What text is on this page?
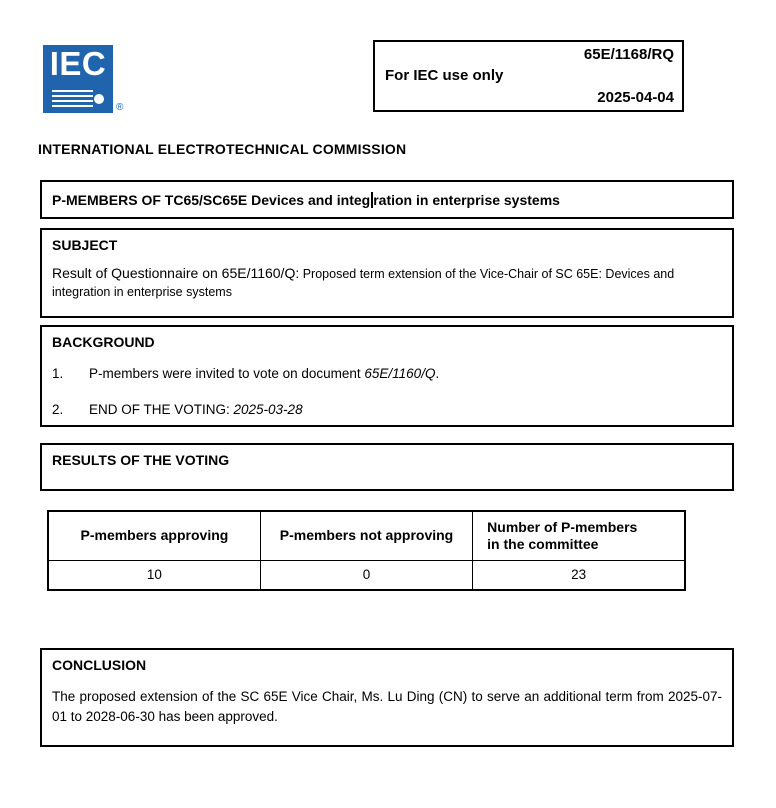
IEC
®
65E/1168/RQ
For IEC use only
2025-04-04
INTERNATIONAL ELECTROTECHNICAL COMMISSION
P-MEMBERS OF TC65/SC65E Devices and integ ration in enterprise systems
SUBJECT
Result of Questionnaire on 65E/1160/Q: Proposed term extension of the Vice-Chair of SC 65E: Devices and integration in enterprise systems
BACKGROUND
1. P-members were invited to vote on document 65E/1160/Q.
2. END OF THE VOTING: 2025-03-28
RESULTS OF THE VOTING
P-members approving	P-members not approving	Number of P-members
in the committee

10	0	23
CONCLUSION
The proposed extension of the SC 65E Vice Chair, Ms. Lu Ding (CN) to serve an additional term from 2025-07-01 to 2028-06-30 has been approved.
